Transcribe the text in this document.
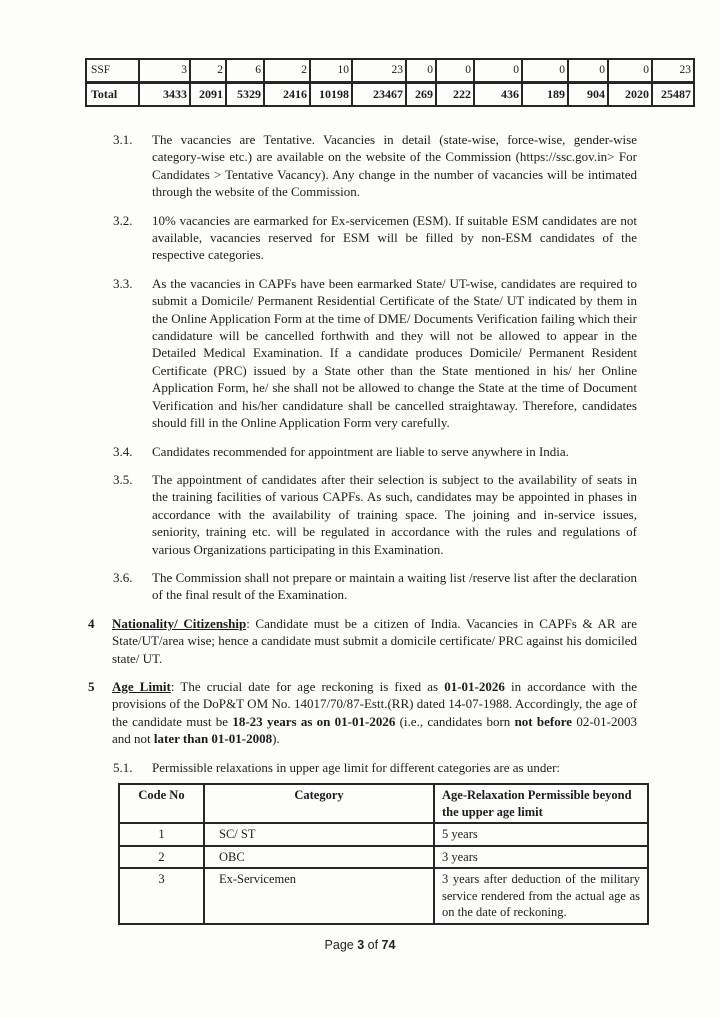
SSF	3	2	6	2	10	23	0	0	0	0	0	0	23
Total	3433	2091	5329	2416	10198	23467	269	222	436	189	904	2020	25487
3.1.	The vacancies are Tentative. Vacancies in detail (state-wise, force-wise, gender-wise category-wise etc.) are available on the website of the Commission (https://ssc.gov.in> For Candidates > Tentative Vacancy). Any change in the number of vacancies will be intimated through the website of the Commission.
3.2.	10% vacancies are earmarked for Ex-servicemen (ESM). If suitable ESM candidates are not available, vacancies reserved for ESM will be filled by non-ESM candidates of the respective categories.
3.3.	As the vacancies in CAPFs have been earmarked State/ UT-wise, candidates are required to submit a Domicile/ Permanent Residential Certificate of the State/ UT indicated by them in the Online Application Form at the time of DME/ Documents Verification failing which their candidature will be cancelled forthwith and they will not be allowed to appear in the Detailed Medical Examination. If a candidate produces Domicile/ Permanent Resident Certificate (PRC) issued by a State other than the State mentioned in his/ her Online Application Form, he/ she shall not be allowed to change the State at the time of Document Verification and his/her candidature shall be cancelled straightaway. Therefore, candidates should fill in the Online Application Form very carefully.
3.4.	Candidates recommended for appointment are liable to serve anywhere in India.
3.5.	The appointment of candidates after their selection is subject to the availability of seats in the training facilities of various CAPFs. As such, candidates may be appointed in phases in accordance with the availability of training space. The joining and in-service issues, seniority, training etc. will be regulated in accordance with the rules and regulations of various Organizations participating in this Examination.
3.6.	The Commission shall not prepare or maintain a waiting list /reserve list after the declaration of the final result of the Examination.
4	Nationality/ Citizenship: Candidate must be a citizen of India. Vacancies in CAPFs & AR are State/UT/area wise; hence a candidate must submit a domicile certificate/ PRC against his domiciled state/ UT.
5	Age Limit: The crucial date for age reckoning is fixed as 01-01-2026 in accordance with the provisions of the DoP&T OM No. 14017/70/87-Estt.(RR) dated 14-07-1988. Accordingly, the age of the candidate must be 18-23 years as on 01-01-2026 (i.e., candidates born not before 02-01-2003 and not later than 01-01-2008).
5.1.	Permissible relaxations in upper age limit for different categories are as under:
Code No	Category	Age-Relaxation Permissible beyond the upper age limit
1	SC/ ST	5 years
2	OBC	3 years
3	Ex-Servicemen	3 years after deduction of the military service rendered from the actual age as on the date of reckoning.
Page 3 of 74
